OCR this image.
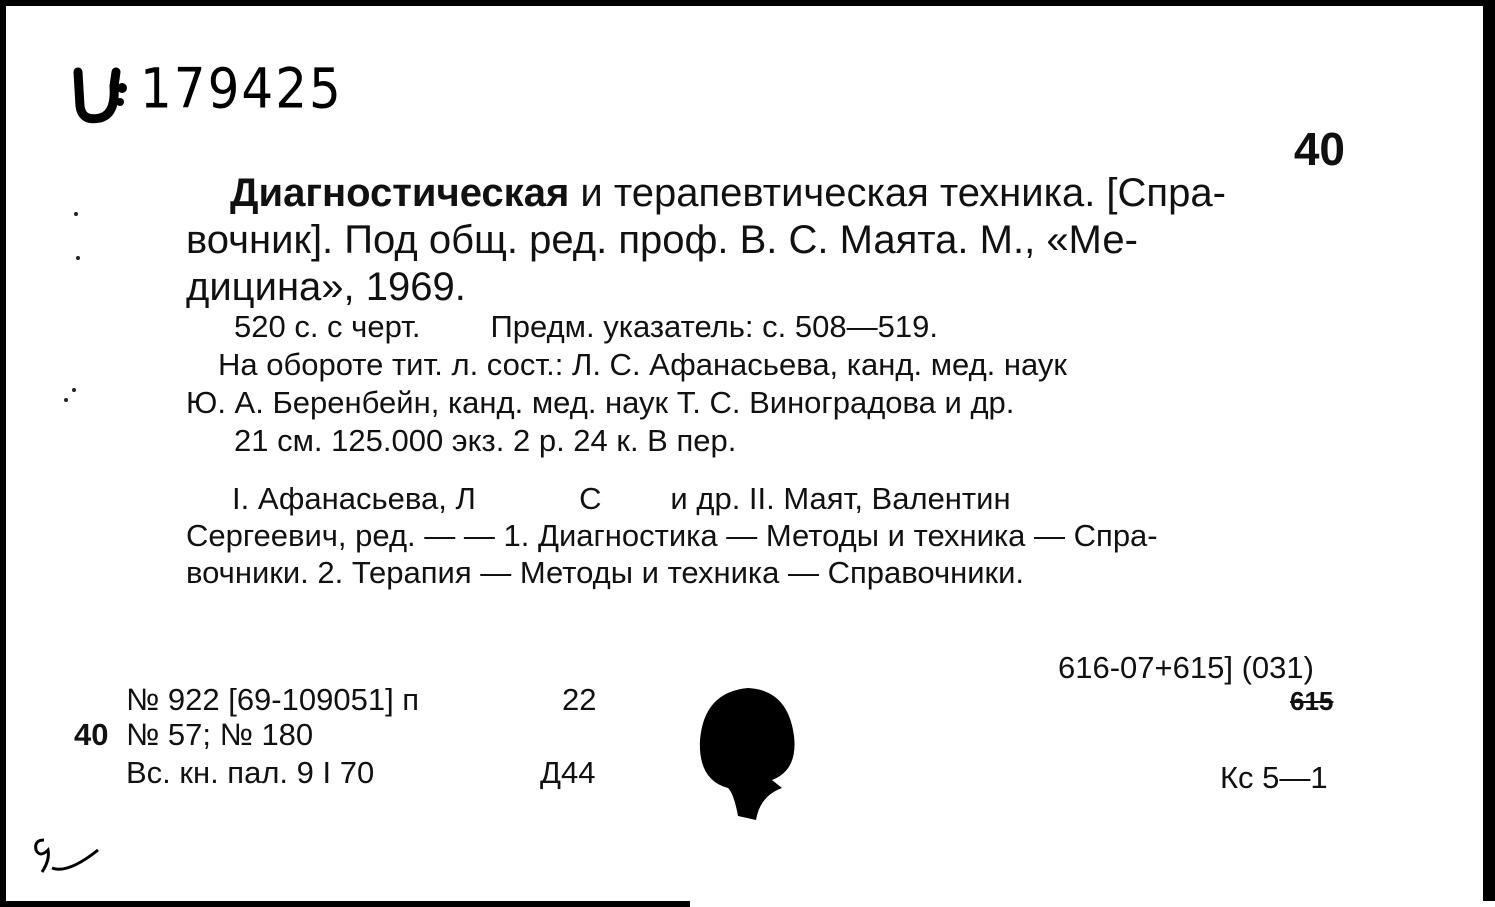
179425
40
Диагностическая и терапевтическая техника. [Спра-
вочник]. Под общ. ред. проф. В. С. Маята. М., «Ме-
дицина», 1969.
520 с. с черт. Предм. указатель: с. 508—519.
На обороте тит. л. сост.: Л. С. Афанасьева, канд. мед. наук
Ю. А. Беренбейн, канд. мед. наук Т. С. Виноградова и др.
21 см. 125.000 экз. 2 р. 24 к. В пер.
I. Афанасьева, Л            С        и др. II. Маят, Валентин
Сергеевич, ред. — — 1. Диагностика — Методы и техника — Спра-
вочники. 2. Терапия — Методы и техника — Справочники.
№ 922 [69-109051] п	22
40 № 57; № 180
Вс. кн. пал. 9 I 70	Д44
616-07+615] (031)
615
Кс 5—1
